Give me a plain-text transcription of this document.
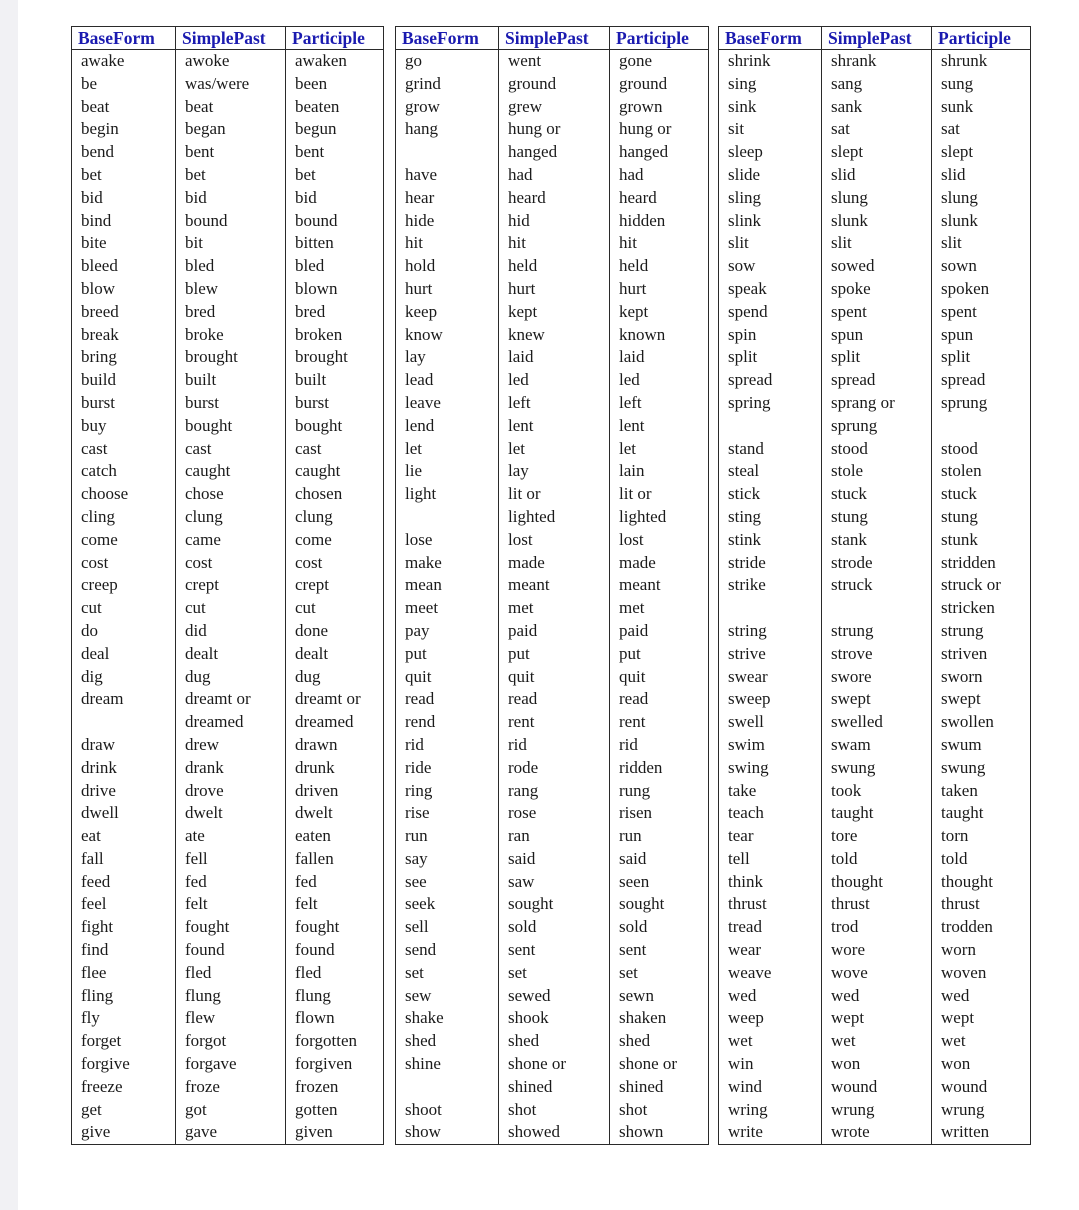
BaseForm	SimplePast	Participle
awake	awoke	awaken
be	was/were	been
beat	beat	beaten
begin	began	begun
bend	bent	bent
bet	bet	bet
bid	bid	bid
bind	bound	bound
bite	bit	bitten
bleed	bled	bled
blow	blew	blown
breed	bred	bred
break	broke	broken
bring	brought	brought
build	built	built
burst	burst	burst
buy	bought	bought
cast	cast	cast
catch	caught	caught
choose	chose	chosen
cling	clung	clung
come	came	come
cost	cost	cost
creep	crept	crept
cut	cut	cut
do	did	done
deal	dealt	dealt
dig	dug	dug
dream	dreamt or	dreamt or
	dreamed	dreamed
draw	drew	drawn
drink	drank	drunk
drive	drove	driven
dwell	dwelt	dwelt
eat	ate	eaten
fall	fell	fallen
feed	fed	fed
feel	felt	felt
fight	fought	fought
find	found	found
flee	fled	fled
fling	flung	flung
fly	flew	flown
forget	forgot	forgotten
forgive	forgave	forgiven
freeze	froze	frozen
get	got	gotten
give	gave	given
BaseForm	SimplePast	Participle
go	went	gone
grind	ground	ground
grow	grew	grown
hang	hung or	hung or
	hanged	hanged
have	had	had
hear	heard	heard
hide	hid	hidden
hit	hit	hit
hold	held	held
hurt	hurt	hurt
keep	kept	kept
know	knew	known
lay	laid	laid
lead	led	led
leave	left	left
lend	lent	lent
let	let	let
lie	lay	lain
light	lit or	lit or
	lighted	lighted
lose	lost	lost
make	made	made
mean	meant	meant
meet	met	met
pay	paid	paid
put	put	put
quit	quit	quit
read	read	read
rend	rent	rent
rid	rid	rid
ride	rode	ridden
ring	rang	rung
rise	rose	risen
run	ran	run
say	said	said
see	saw	seen
seek	sought	sought
sell	sold	sold
send	sent	sent
set	set	set
sew	sewed	sewn
shake	shook	shaken
shed	shed	shed
shine	shone or	shone or
	shined	shined
shoot	shot	shot
show	showed	shown
BaseForm	SimplePast	Participle
shrink	shrank	shrunk
sing	sang	sung
sink	sank	sunk
sit	sat	sat
sleep	slept	slept
slide	slid	slid
sling	slung	slung
slink	slunk	slunk
slit	slit	slit
sow	sowed	sown
speak	spoke	spoken
spend	spent	spent
spin	spun	spun
split	split	split
spread	spread	spread
spring	sprang or	sprung
	sprung	
stand	stood	stood
steal	stole	stolen
stick	stuck	stuck
sting	stung	stung
stink	stank	stunk
stride	strode	stridden
strike	struck	struck or
		stricken
string	strung	strung
strive	strove	striven
swear	swore	sworn
sweep	swept	swept
swell	swelled	swollen
swim	swam	swum
swing	swung	swung
take	took	taken
teach	taught	taught
tear	tore	torn
tell	told	told
think	thought	thought
thrust	thrust	thrust
tread	trod	trodden
wear	wore	worn
weave	wove	woven
wed	wed	wed
weep	wept	wept
wet	wet	wet
win	won	won
wind	wound	wound
wring	wrung	wrung
write	wrote	written
